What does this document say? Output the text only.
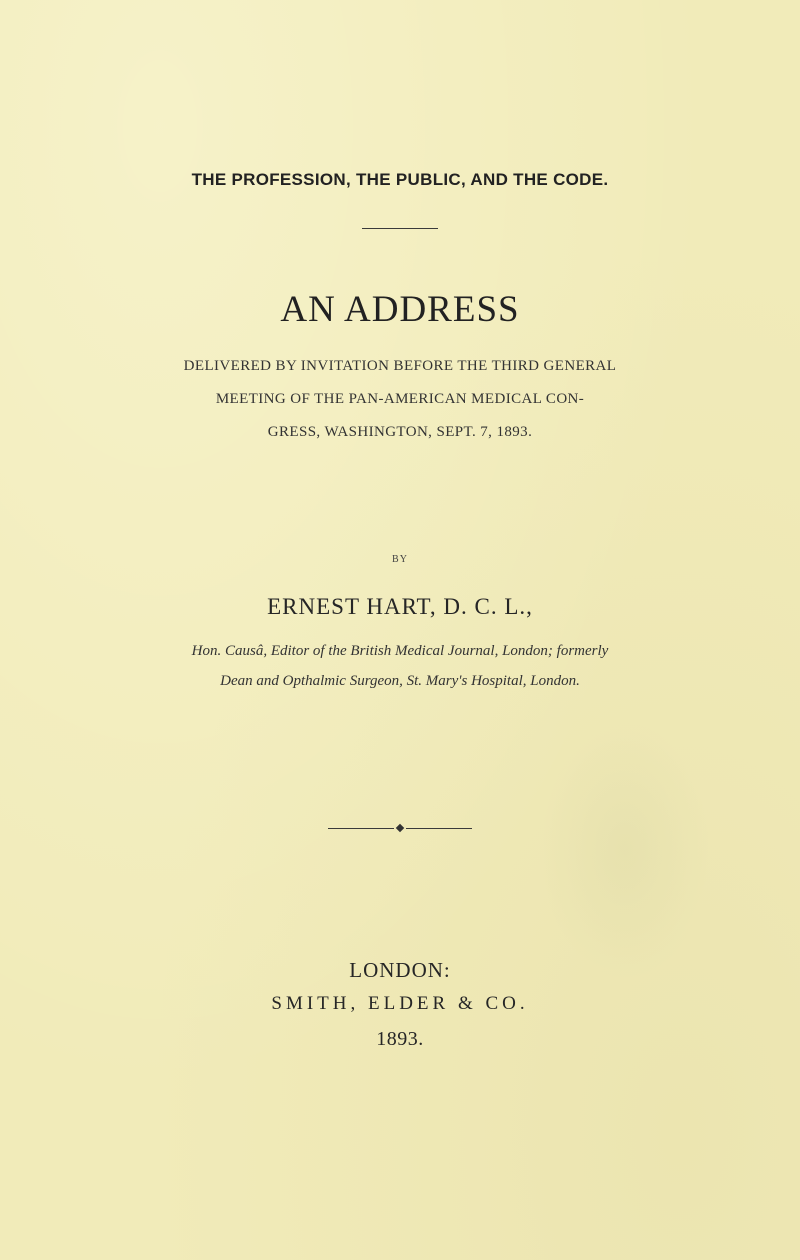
THE PROFESSION, THE PUBLIC, AND THE CODE.
AN ADDRESS
DELIVERED BY INVITATION BEFORE THE THIRD GENERAL
MEETING OF THE PAN-AMERICAN MEDICAL CON-
GRESS, WASHINGTON, SEPT. 7, 1893.
BY
ERNEST HART, D. C. L.,
Hon. Causâ, Editor of the British Medical Journal, London; formerly
Dean and Opthalmic Surgeon, St. Mary's Hospital, London.
LONDON:
SMITH, ELDER & CO.
1893.
